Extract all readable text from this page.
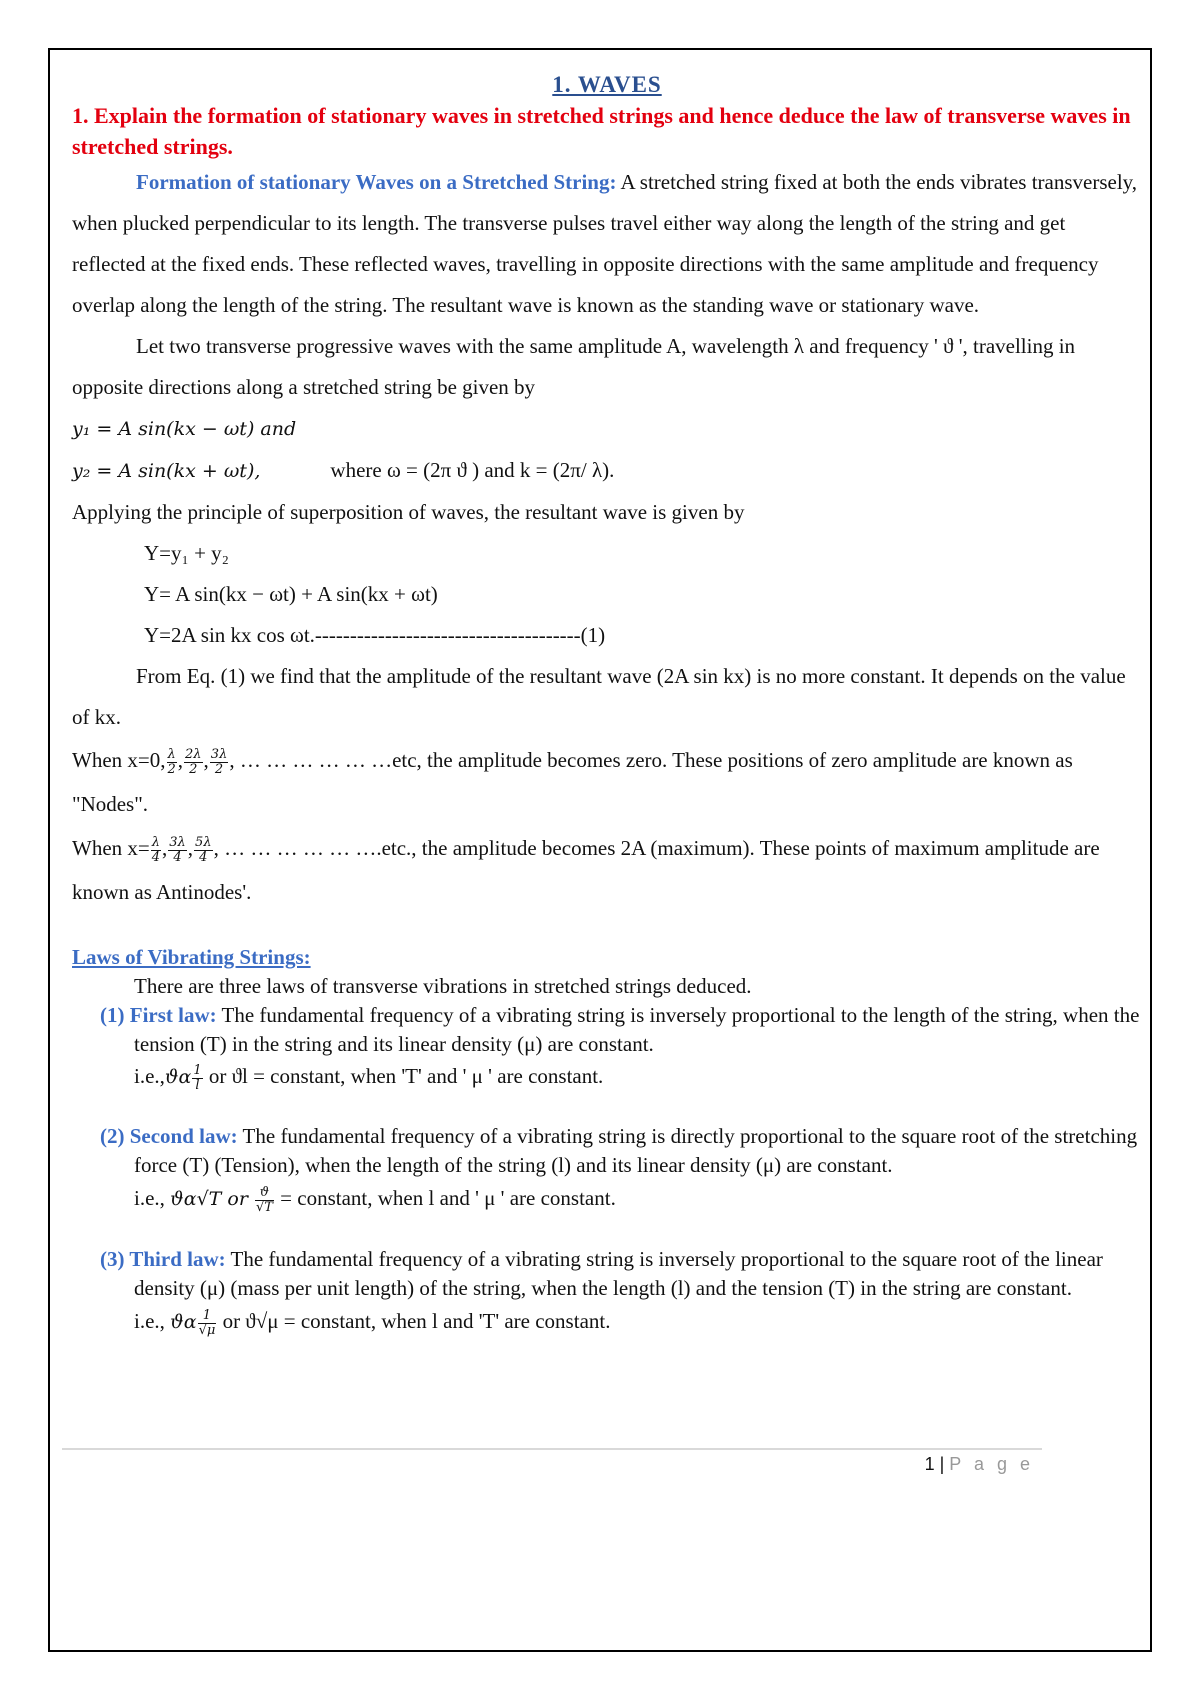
1. WAVES

1. Explain the formation of stationary waves in stretched strings and hence deduce the law of transverse waves in stretched strings.

Formation of stationary Waves on a Stretched String: A stretched string fixed at both the ends vibrates transversely, when plucked perpendicular to its length. The transverse pulses travel either way along the length of the string and get reflected at the fixed ends. These reflected waves, travelling in opposite directions with the same amplitude and frequency overlap along the length of the string. The resultant wave is known as the standing wave or stationary wave.

Let two transverse progressive waves with the same amplitude A, wavelength λ and frequency ' ϑ ', travelling in opposite directions along a stretched string be given by

y₁ = A sin(kx − ωt) and

y₂ = A sin(kx + ωt),	where ω = (2π ϑ ) and k = (2π/ λ).

Applying the principle of superposition of waves, the resultant wave is given by

Y=y₁ + y₂

Y= A sin(kx − ωt) + A sin(kx + ωt)

Y=2A sin kx cos ωt.--------------------------------------(1)

From Eq. (1) we find that the amplitude of the resultant wave (2A sin kx) is no more constant. It depends on the value of kx.

When x=0, $\frac{\lambda}{2}$ , $\frac{2\lambda}{2}$ , $\frac{3\lambda}{2}$ , … … … … … …etc, the amplitude becomes zero. These positions of zero amplitude are known as "Nodes".

When $x= \frac{\lambda}{4}$ , $\frac{3\lambda}{4}$ , $\frac{5\lambda}{4}$ , … … … … … ….etc., the amplitude becomes 2A (maximum). These points of maximum amplitude are known as Antinodes'.

Laws of Vibrating Strings:

There are three laws of transverse vibrations in stretched strings deduced.

(1) First law: The fundamental frequency of a vibrating string is inversely proportional to the length of the string, when the tension (T) in the string and its linear density (μ) are constant.

$i.e.,ϑ\alpha \frac{1}{l}$ or ϑl = constant, when 'T' and ' μ ' are constant.

(2) Second law: The fundamental frequency of a vibrating string is directly proportional to the square root of the stretching force (T) (Tension), when the length of the string (l) and its linear density (μ) are constant.

i.e., ϑα√T or $\frac{ϑ}{√T}$ = constant, when l and ' μ ' are constant.

(3) Third law: The fundamental frequency of a vibrating string is inversely proportional to the square root of the linear density (μ) (mass per unit length) of the string, when the length (l) and the tension (T) in the string are constant.

i.e., ϑα $\frac{1}{√\mu}$ or ϑ√μ = constant, when l and 'T' are constant.

1 | P a g e
